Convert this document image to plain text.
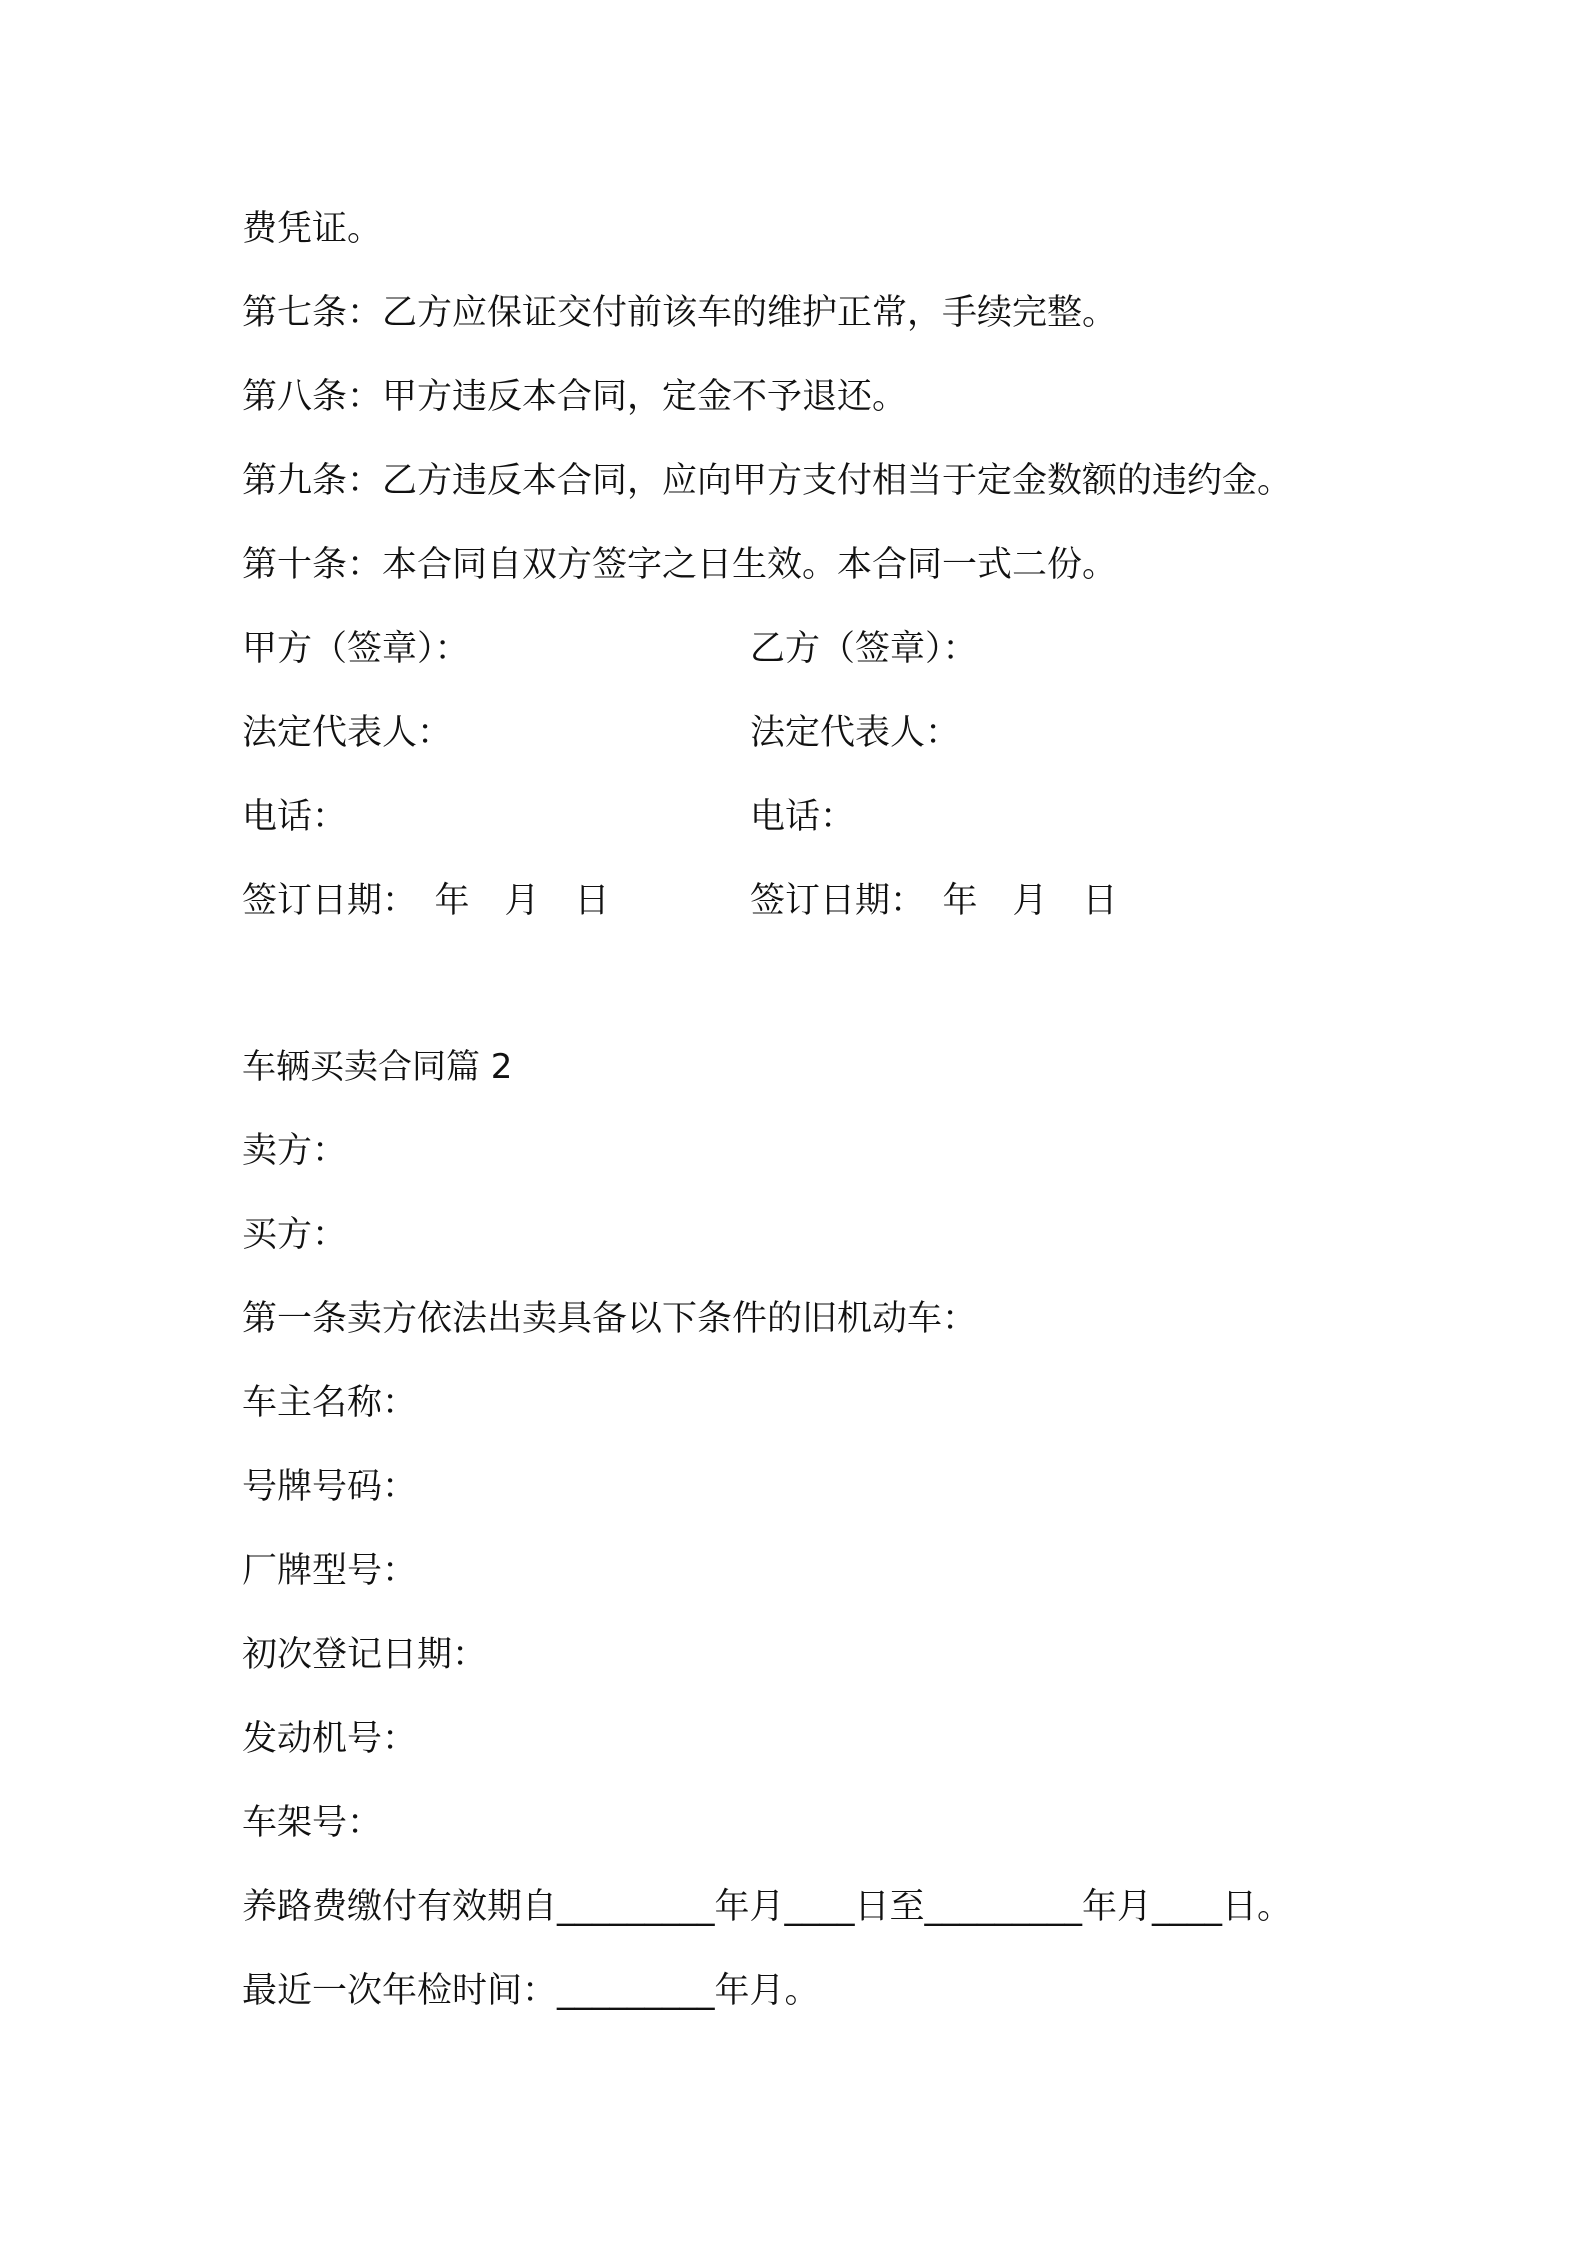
费凭证。
第七条：乙方应保证交付前该车的维护正常，手续完整。
第八条：甲方违反本合同，定金不予退还。
第九条：乙方违反本合同，应向甲方支付相当于定金数额的违约金。
第十条：本合同自双方签字之日生效。本合同一式二份。
甲方（签章）：	乙方（签章）：
法定代表人：	法定代表人：
电话：	电话：
签订日期：　年　月　日	签订日期：　年　月　日
车辆买卖合同篇 2
卖方：
买方：
第一条卖方依法出卖具备以下条件的旧机动车：
车主名称：
号牌号码：
厂牌型号：
初次登记日期：
发动机号：
车架号：
养路费缴付有效期自_________年月____日至_________年月____日。
最近一次年检时间：_________年月。
